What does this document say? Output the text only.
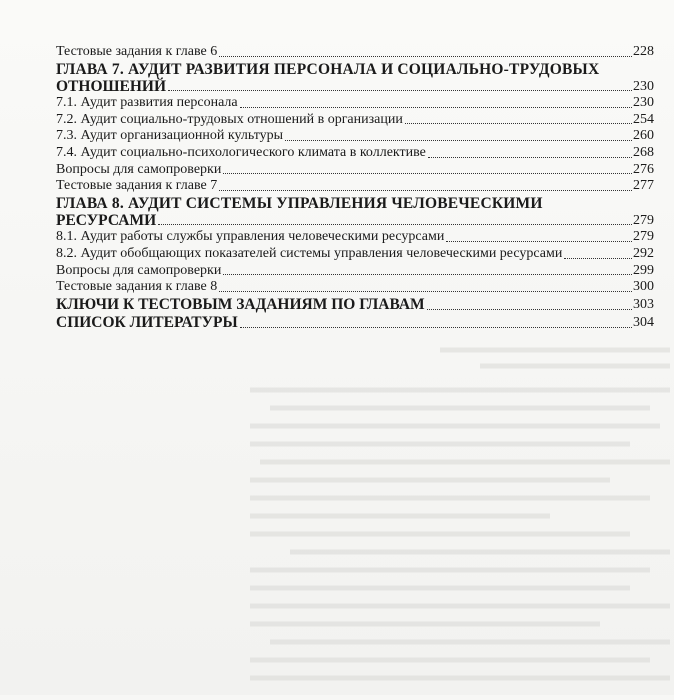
Тестовые задания к главе 6	228
ГЛАВА 7. АУДИТ РАЗВИТИЯ ПЕРСОНАЛА И СОЦИАЛЬНО-ТРУДОВЫХ
ОТНОШЕНИЙ	230
7.1. Аудит развития персонала	230
7.2. Аудит социально-трудовых отношений в организации	254
7.3. Аудит организационной культуры	260
7.4. Аудит социально-психологического климата в коллективе	268
Вопросы для самопроверки	276
Тестовые задания к главе 7	277
ГЛАВА 8. АУДИТ СИСТЕМЫ УПРАВЛЕНИЯ ЧЕЛОВЕЧЕСКИМИ
РЕСУРСАМИ	279
8.1. Аудит работы службы управления человеческими ресурсами	279
8.2. Аудит обобщающих показателей системы управления человеческими ресурсами	292
Вопросы для самопроверки	299
Тестовые задания к главе 8	300
КЛЮЧИ К ТЕСТОВЫМ ЗАДАНИЯМ ПО ГЛАВАМ	303
СПИСОК ЛИТЕРАТУРЫ	304
